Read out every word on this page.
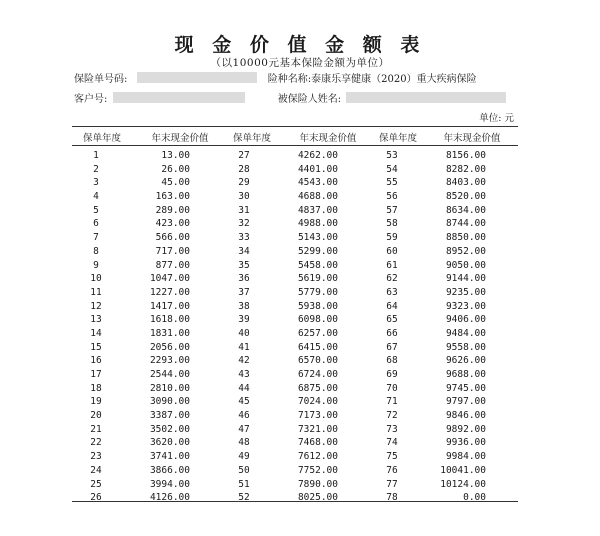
现 金 价 值 金 额 表
（以10000元基本保险金额为单位）
保险单号码:	险种名称:泰康乐享健康（2020）重大疾病保险
客户号:	被保险人姓名:
单位: 元
保单年度	年末现金价值	保单年度	年末现金价值	保单年度	年末现金价值
1	13.00	27	4262.00	53	8156.00
2	26.00	28	4401.00	54	8282.00
3	45.00	29	4543.00	55	8403.00
4	163.00	30	4688.00	56	8520.00
5	289.00	31	4837.00	57	8634.00
6	423.00	32	4988.00	58	8744.00
7	566.00	33	5143.00	59	8850.00
8	717.00	34	5299.00	60	8952.00
9	877.00	35	5458.00	61	9050.00
10	1047.00	36	5619.00	62	9144.00
11	1227.00	37	5779.00	63	9235.00
12	1417.00	38	5938.00	64	9323.00
13	1618.00	39	6098.00	65	9406.00
14	1831.00	40	6257.00	66	9484.00
15	2056.00	41	6415.00	67	9558.00
16	2293.00	42	6570.00	68	9626.00
17	2544.00	43	6724.00	69	9688.00
18	2810.00	44	6875.00	70	9745.00
19	3090.00	45	7024.00	71	9797.00
20	3387.00	46	7173.00	72	9846.00
21	3502.00	47	7321.00	73	9892.00
22	3620.00	48	7468.00	74	9936.00
23	3741.00	49	7612.00	75	9984.00
24	3866.00	50	7752.00	76	10041.00
25	3994.00	51	7890.00	77	10124.00
26	4126.00	52	8025.00	78	0.00
